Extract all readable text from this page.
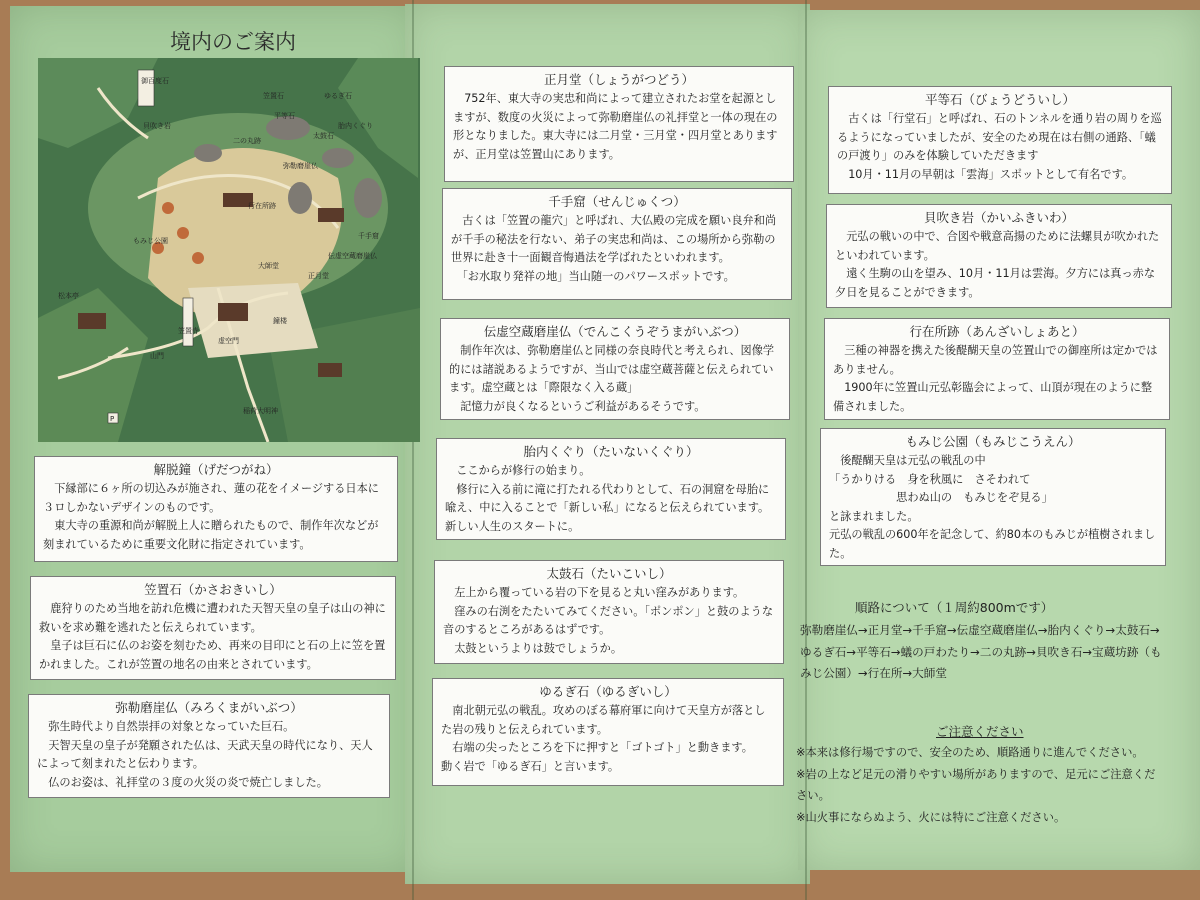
境内のご案内
御百度石
笠置石	ゆるぎ石
二の丸跡
貝吹き岩
平等石
弥勒磨崖仏
太鼓石
胎内くぐり
千手窟
伝虚空蔵磨崖仏
行在所跡
もみじ公園
松本亭
笠置寺
山門
正月堂
大師堂
鐘楼
稲荷大明神
虚空門
P
解脱鐘（げだつがね）
　下縁部に６ヶ所の切込みが施され、蓮の花をイメージする日本に３ロしかないデザインのものです。
　東大寺の重源和尚が解脱上人に贈られたもので、制作年次などが刻まれているために重要文化財に指定されています。
笠置石（かさおきいし）
　鹿狩りのため当地を訪れ危機に遭われた天智天皇の皇子は山の神に救いを求め難を逃れたと伝えられています。
　皇子は巨石に仏のお姿を刻むため、再来の目印にと石の上に笠を置かれました。これが笠置の地名の由来とされています。
弥勒磨崖仏（みろくまがいぶつ）
　弥生時代より自然崇拝の対象となっていた巨石。
　天智天皇の皇子が発願された仏は、天武天皇の時代になり、天人によって刻まれたと伝わります。
　仏のお姿は、礼拝堂の３度の火災の炎で焼亡しました。
正月堂（しょうがつどう）
　752年、東大寺の実忠和尚によって建立されたお堂を起源としますが、数度の火災によって弥勒磨崖仏の礼拝堂と一体の現在の形となりました。東大寺には二月堂・三月堂・四月堂とありますが、正月堂は笠置山にあります。
千手窟（せんじゅくつ）
　古くは「笠置の龍穴」と呼ばれ、大仏殿の完成を願い良弁和尚が千手の秘法を行ない、弟子の実忠和尚は、この場所から弥勒の世界に赴き十一面観音悔過法を学ばれたといわれます。
　「お水取り発祥の地」当山随一のパワースポットです。
伝虚空蔵磨崖仏（でんこくうぞうまがいぶつ）
　制作年次は、弥勒磨崖仏と同様の奈良時代と考えられ、図像学的には諸説あるようですが、当山では虚空蔵菩薩と伝えられています。虚空蔵とは「際限なく入る蔵」
　記憶力が良くなるというご利益があるそうです。
胎内くぐり（たいないくぐり）
　ここからが修行の始まり。
　修行に入る前に滝に打たれる代わりとして、石の洞窟を母胎に喩え、中に入ることで「新しい私」になると伝えられています。新しい人生のスタートに。
太鼓石（たいこいし）
　左上から覆っている岩の下を見ると丸い窪みがあります。
　窪みの右渕をたたいてみてください。「ポンポン」と鼓のような音のするところがあるはずです。
　太鼓というよりは鼓でしょうか。
ゆるぎ石（ゆるぎいし）
　南北朝元弘の戦乱。攻めのぼる幕府軍に向けて天皇方が落とした岩の残りと伝えられています。
　右端の尖ったところを下に押すと「ゴトゴト」と動きます。
動く岩で「ゆるぎ石」と言います。
平等石（びょうどういし）
　古くは「行堂石」と呼ばれ、石のトンネルを通り岩の周りを巡るようになっていましたが、安全のため現在は右側の通路、「蟻の戸渡り」のみを体験していただきます
　10月・11月の早朝は「雲海」スポットとして有名です。
貝吹き岩（かいふきいわ）
　元弘の戦いの中で、合図や戦意高揚のために法螺貝が吹かれたといわれています。
　遠く生駒の山を望み、10月・11月は雲海。夕方には真っ赤な夕日を見ることができます。
行在所跡（あんざいしょあと）
　三種の神器を携えた後醍醐天皇の笠置山での御座所は定かではありません。
　1900年に笠置山元弘彰臨会によって、山頂が現在のように整備されました。
もみじ公園（もみじこうえん）
　後醍醐天皇は元弘の戦乱の中
「うかりける　身を秋風に　さそわれて
　　　　　　思わぬ山の　もみじをぞ見る」
と詠まれました。
元弘の戦乱の600年を記念して、約80本のもみじが植樹されました。
順路について（１周約800mです）
弥勒磨崖仏→正月堂→千手窟→伝虚空蔵磨崖仏→胎内くぐり→太鼓石→ゆるぎ石→平等石→蟻の戸わたり→二の丸跡→貝吹き石→宝蔵坊跡（もみじ公園）→行在所→大師堂
ご注意ください
※本来は修行場ですので、安全のため、順路通りに進んでください。
※岩の上など足元の滑りやすい場所がありますので、足元にご注意ください。
※山火事にならぬよう、火には特にご注意ください。
